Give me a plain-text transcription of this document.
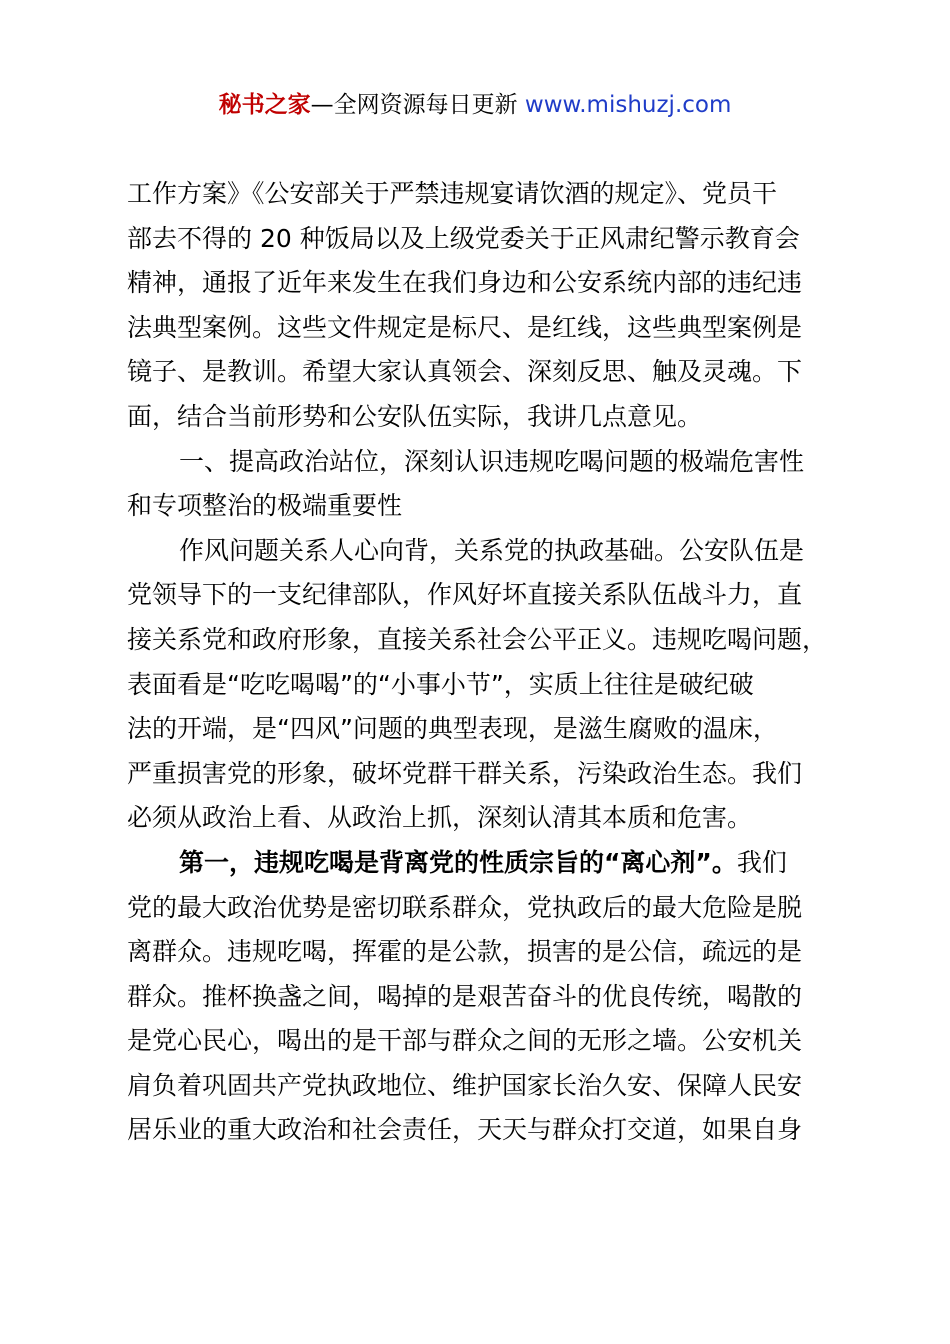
秘书之家—全网资源每日更新 www.mishuzj.com
工作方案》《公安部关于严禁违规宴请饮酒的规定》、党员干
部去不得的 20 种饭局以及上级党委关于正风肃纪警示教育会
精神，通报了近年来发生在我们身边和公安系统内部的违纪违
法典型案例。这些文件规定是标尺、是红线，这些典型案例是
镜子、是教训。希望大家认真领会、深刻反思、触及灵魂。下
面，结合当前形势和公安队伍实际，我讲几点意见。
一、提高政治站位，深刻认识违规吃喝问题的极端危害性
和专项整治的极端重要性
作风问题关系人心向背，关系党的执政基础。公安队伍是
党领导下的一支纪律部队，作风好坏直接关系队伍战斗力，直
接关系党和政府形象，直接关系社会公平正义。违规吃喝问题，
表面看是“吃吃喝喝”的“小事小节”，实质上往往是破纪破
法的开端，是“四风”问题的典型表现，是滋生腐败的温床，
严重损害党的形象，破坏党群干群关系，污染政治生态。我们
必须从政治上看、从政治上抓，深刻认清其本质和危害。
第一，违规吃喝是背离党的性质宗旨的“离心剂”。我们
党的最大政治优势是密切联系群众，党执政后的最大危险是脱
离群众。违规吃喝，挥霍的是公款，损害的是公信，疏远的是
群众。推杯换盏之间，喝掉的是艰苦奋斗的优良传统，喝散的
是党心民心，喝出的是干部与群众之间的无形之墙。公安机关
肩负着巩固共产党执政地位、维护国家长治久安、保障人民安
居乐业的重大政治和社会责任，天天与群众打交道，如果自身
